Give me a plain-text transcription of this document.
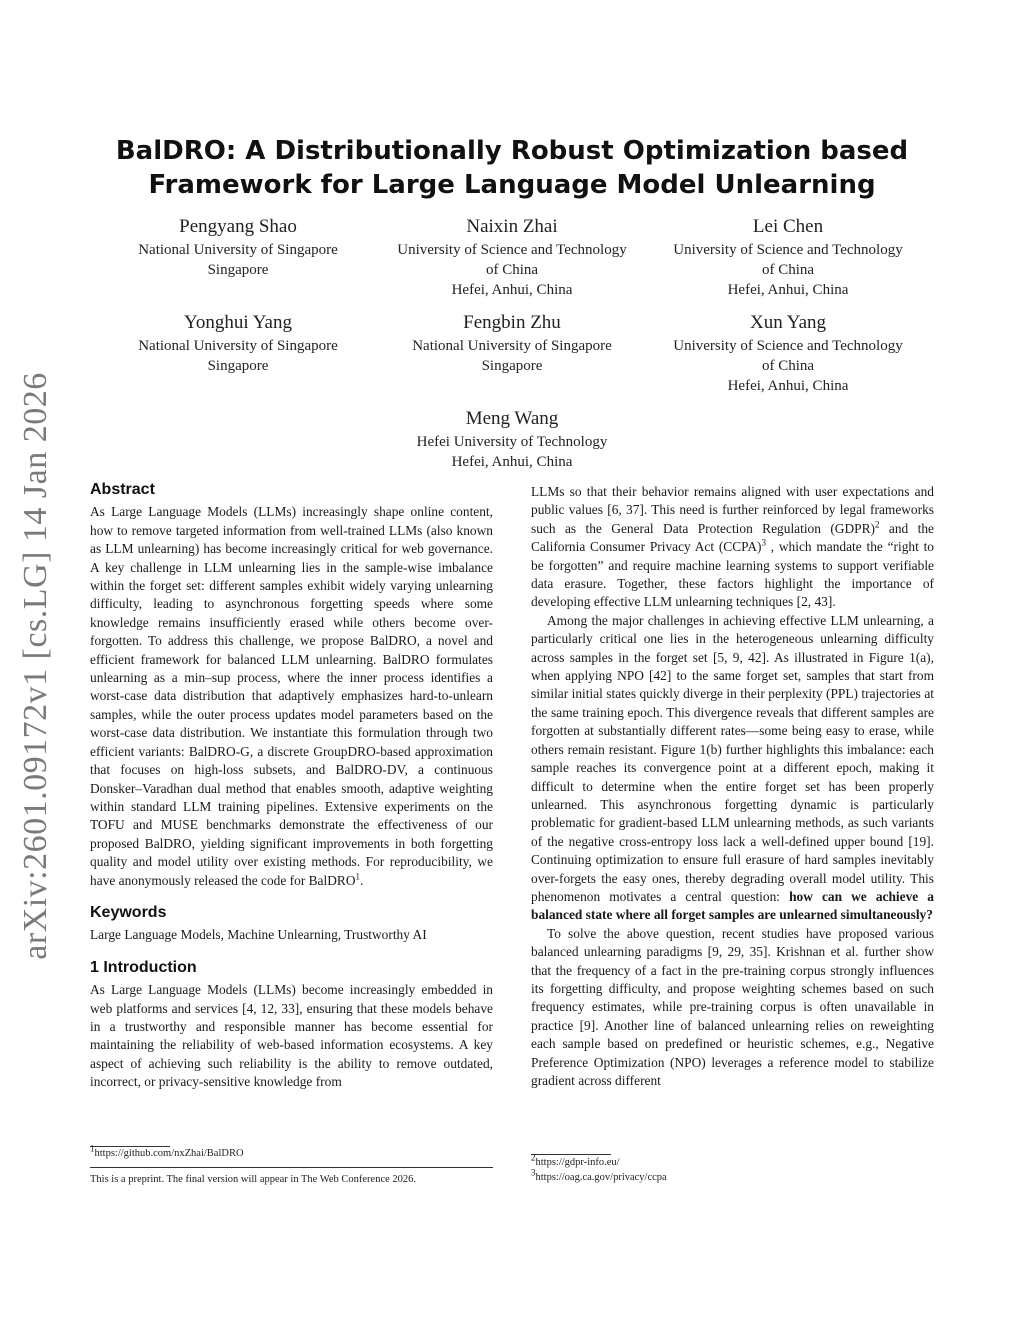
arXiv:2601.09172v1 [cs.LG] 14 Jan 2026
BalDRO: A Distributionally Robust Optimization based
Framework for Large Language Model Unlearning
Pengyang Shao
National University of Singapore
Singapore
Naixin Zhai
University of Science and Technology
of China
Hefei, Anhui, China
Lei Chen
University of Science and Technology
of China
Hefei, Anhui, China
Yonghui Yang
National University of Singapore
Singapore
Fengbin Zhu
National University of Singapore
Singapore
Xun Yang
University of Science and Technology
of China
Hefei, Anhui, China
Meng Wang
Hefei University of Technology
Hefei, Anhui, China
Abstract

As Large Language Models (LLMs) increasingly shape online content, how to remove targeted information from well-trained LLMs (also known as LLM unlearning) has become increasingly critical for web governance. A key challenge in LLM unlearning lies in the sample-wise imbalance within the forget set: different samples exhibit widely varying unlearning difficulty, leading to asynchronous forgetting speeds where some knowledge remains insufficiently erased while others become over-forgotten. To address this challenge, we propose BalDRO, a novel and efficient framework for balanced LLM unlearning. BalDRO formulates unlearning as a min–sup process, where the inner process identifies a worst-case data distribution that adaptively emphasizes hard-to-unlearn samples, while the outer process updates model parameters based on the worst-case data distribution. We instantiate this formulation through two efficient variants: BalDRO-G, a discrete GroupDRO-based approximation that focuses on high-loss subsets, and BalDRO-DV, a continuous Donsker–Varadhan dual method that enables smooth, adaptive weighting within standard LLM training pipelines. Extensive experiments on the TOFU and MUSE benchmarks demonstrate the effectiveness of our proposed BalDRO, yielding significant improvements in both forgetting quality and model utility over existing methods. For reproducibility, we have anonymously released the code for BalDRO$^1$.

Keywords

Large Language Models, Machine Unlearning, Trustworthy AI

1 Introduction

As Large Language Models (LLMs) become increasingly embedded in web platforms and services [4, 12, 33], ensuring that these models behave in a trustworthy and responsible manner has become essential for maintaining the reliability of web-based information ecosystems. A key aspect of achieving such reliability is the ability to remove outdated, incorrect, or privacy-sensitive knowledge from

LLMs so that their behavior remains aligned with user expectations and public values [6, 37]. This need is further reinforced by legal frameworks such as the General Data Protection Regulation (GDPR)$^2$ and the California Consumer Privacy Act (CCPA)$^3$ , which mandate the “right to be forgotten” and require machine learning systems to support verifiable data erasure. Together, these factors highlight the importance of developing effective LLM unlearning techniques [2, 43].

Among the major challenges in achieving effective LLM unlearning, a particularly critical one lies in the heterogeneous unlearning difficulty across samples in the forget set [5, 9, 42]. As illustrated in Figure 1(a), when applying NPO [42] to the same forget set, samples that start from similar initial states quickly diverge in their perplexity (PPL) trajectories at the same training epoch. This divergence reveals that different samples are forgotten at substantially different rates—some being easy to erase, while others remain resistant. Figure 1(b) further highlights this imbalance: each sample reaches its convergence point at a different epoch, making it difficult to determine when the entire forget set has been properly unlearned. This asynchronous forgetting dynamic is particularly problematic for gradient-based LLM unlearning methods, as such variants of the negative cross-entropy loss lack a well-defined upper bound [19]. Continuing optimization to ensure full erasure of hard samples inevitably over-forgets the easy ones, thereby degrading overall model utility. This phenomenon motivates a central question: how can we achieve a balanced state where all forget samples are unlearned simultaneously?

To solve the above question, recent studies have proposed various balanced unlearning paradigms [9, 29, 35]. Krishnan et al. further show that the frequency of a fact in the pre-training corpus strongly influences its forgetting difficulty, and propose weighting schemes based on such frequency estimates, while pre-training corpus is often unavailable in practice [9]. Another line of balanced unlearning relies on reweighting each sample based on predefined or heuristic schemes, e.g., Negative Preference Optimization (NPO) leverages a reference model to stabilize gradient across different

$^1$https://github.com/nxZhai/BalDRO
This is a preprint. The final version will appear in The Web Conference 2026.
$^2$https://gdpr-info.eu/
$^3$https://oag.ca.gov/privacy/ccpa
